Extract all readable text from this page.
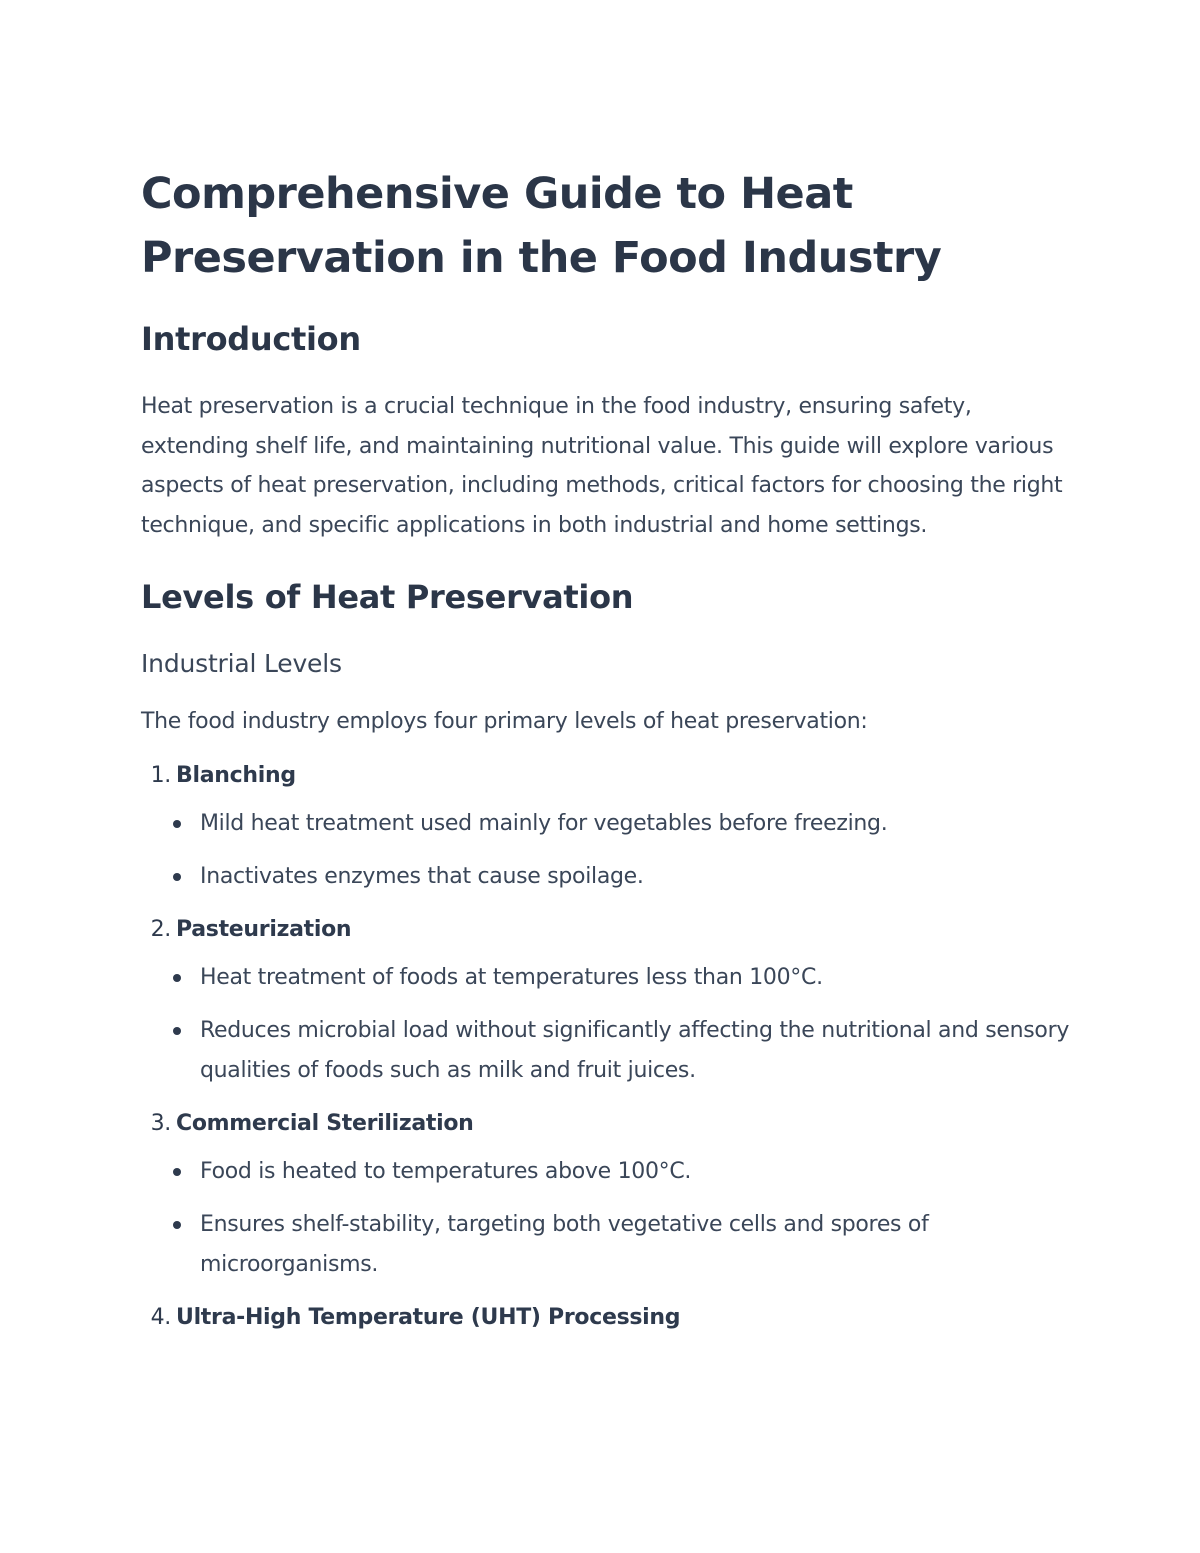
Comprehensive Guide to Heat Preservation in the Food Industry
Introduction

Heat preservation is a crucial technique in the food industry, ensuring safety, extending shelf life, and maintaining nutritional value. This guide will explore various aspects of heat preservation, including methods, critical factors for choosing the right technique, and specific applications in both industrial and home settings.

Levels of Heat Preservation
Industrial Levels

The food industry employs four primary levels of heat preservation:

1. Blanching
Mild heat treatment used mainly for vegetables before freezing.
Inactivates enzymes that cause spoilage.
2. Pasteurization
Heat treatment of foods at temperatures less than 100°C.
Reduces microbial load without significantly affecting the nutritional and sensory qualities of foods such as milk and fruit juices.
3. Commercial Sterilization
Food is heated to temperatures above 100°C.
Ensures shelf-stability, targeting both vegetative cells and spores of microorganisms.
4. Ultra-High Temperature (UHT) Processing
